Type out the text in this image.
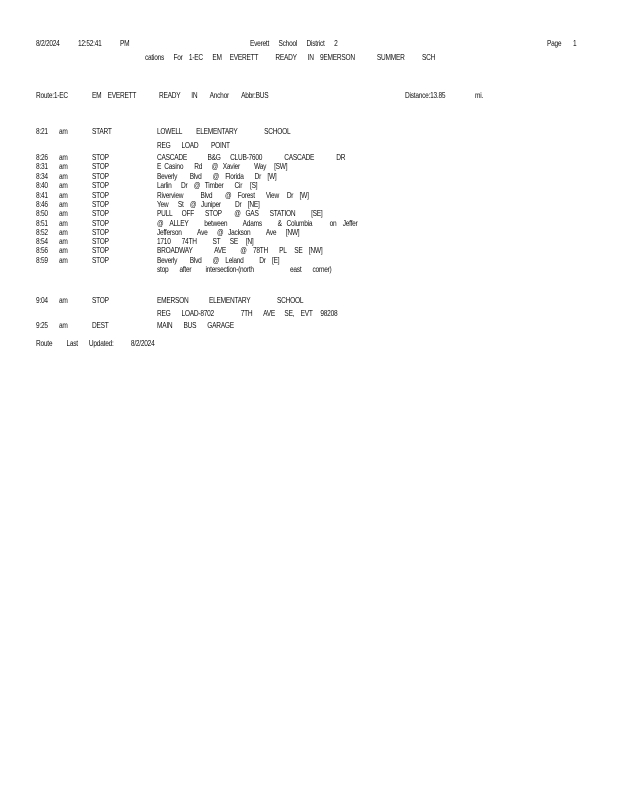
8/2/2024 12:52:41 PM	Everett      School      District      2	Page 1
cations      For    1-EC      EM     EVERETT           READY       IN    9EMERSON              SUMMER           SCH
Route:1-EC	EM    EVERETT	READY       IN        Anchor        Abbr:BUS	Distance:13.85	mi.
8:21 am	START	LOWELL         ELEMENTARY                 SCHOOL
REG       LOAD        POINT
8:26 am	STOP	CASCADE             B&G      CLUB-7600              CASCADE              DR
8:31 am	STOP	E  Casino       Rd      @   Xavier         Way     [SW]
8:34 am	STOP	Beverly        Blvd       @    Florida       Dr    [W]
8:40 am	STOP	Larlin      Dr    @   Timber       Cir     [S]
8:41 am	STOP	Riverview           Blvd        @    Forest       View     Dr    [W]
8:46 am	STOP	Yew      St    @   Juniper         Dr    [NE]
8:50 am	STOP	PULL      OFF       STOP        @   GAS       STATION          [SE]
8:51 am	STOP	@    ALLEY          between          Adams          &   Columbia           on    Jeffer
8:52 am	STOP	Jefferson          Ave      @   Jackson          Ave      [NW]
8:54 am	STOP	1710       74TH          ST      SE     [N]
8:56 am	STOP	BROADWAY              AVE         @    78TH       PL     SE    [NW]
8:59 am	STOP	Beverly        Blvd       @    Leland          Dr    [E]
stop       after         intersection-(north                       east       corner)
9:04 am	STOP	EMERSON             ELEMENTARY                 SCHOOL
REG       LOAD-8702                 7TH       AVE      SE,    EVT     98208
9:25 am	DEST	MAIN       BUS       GARAGE
Route         Last       Updated:           8/2/2024
